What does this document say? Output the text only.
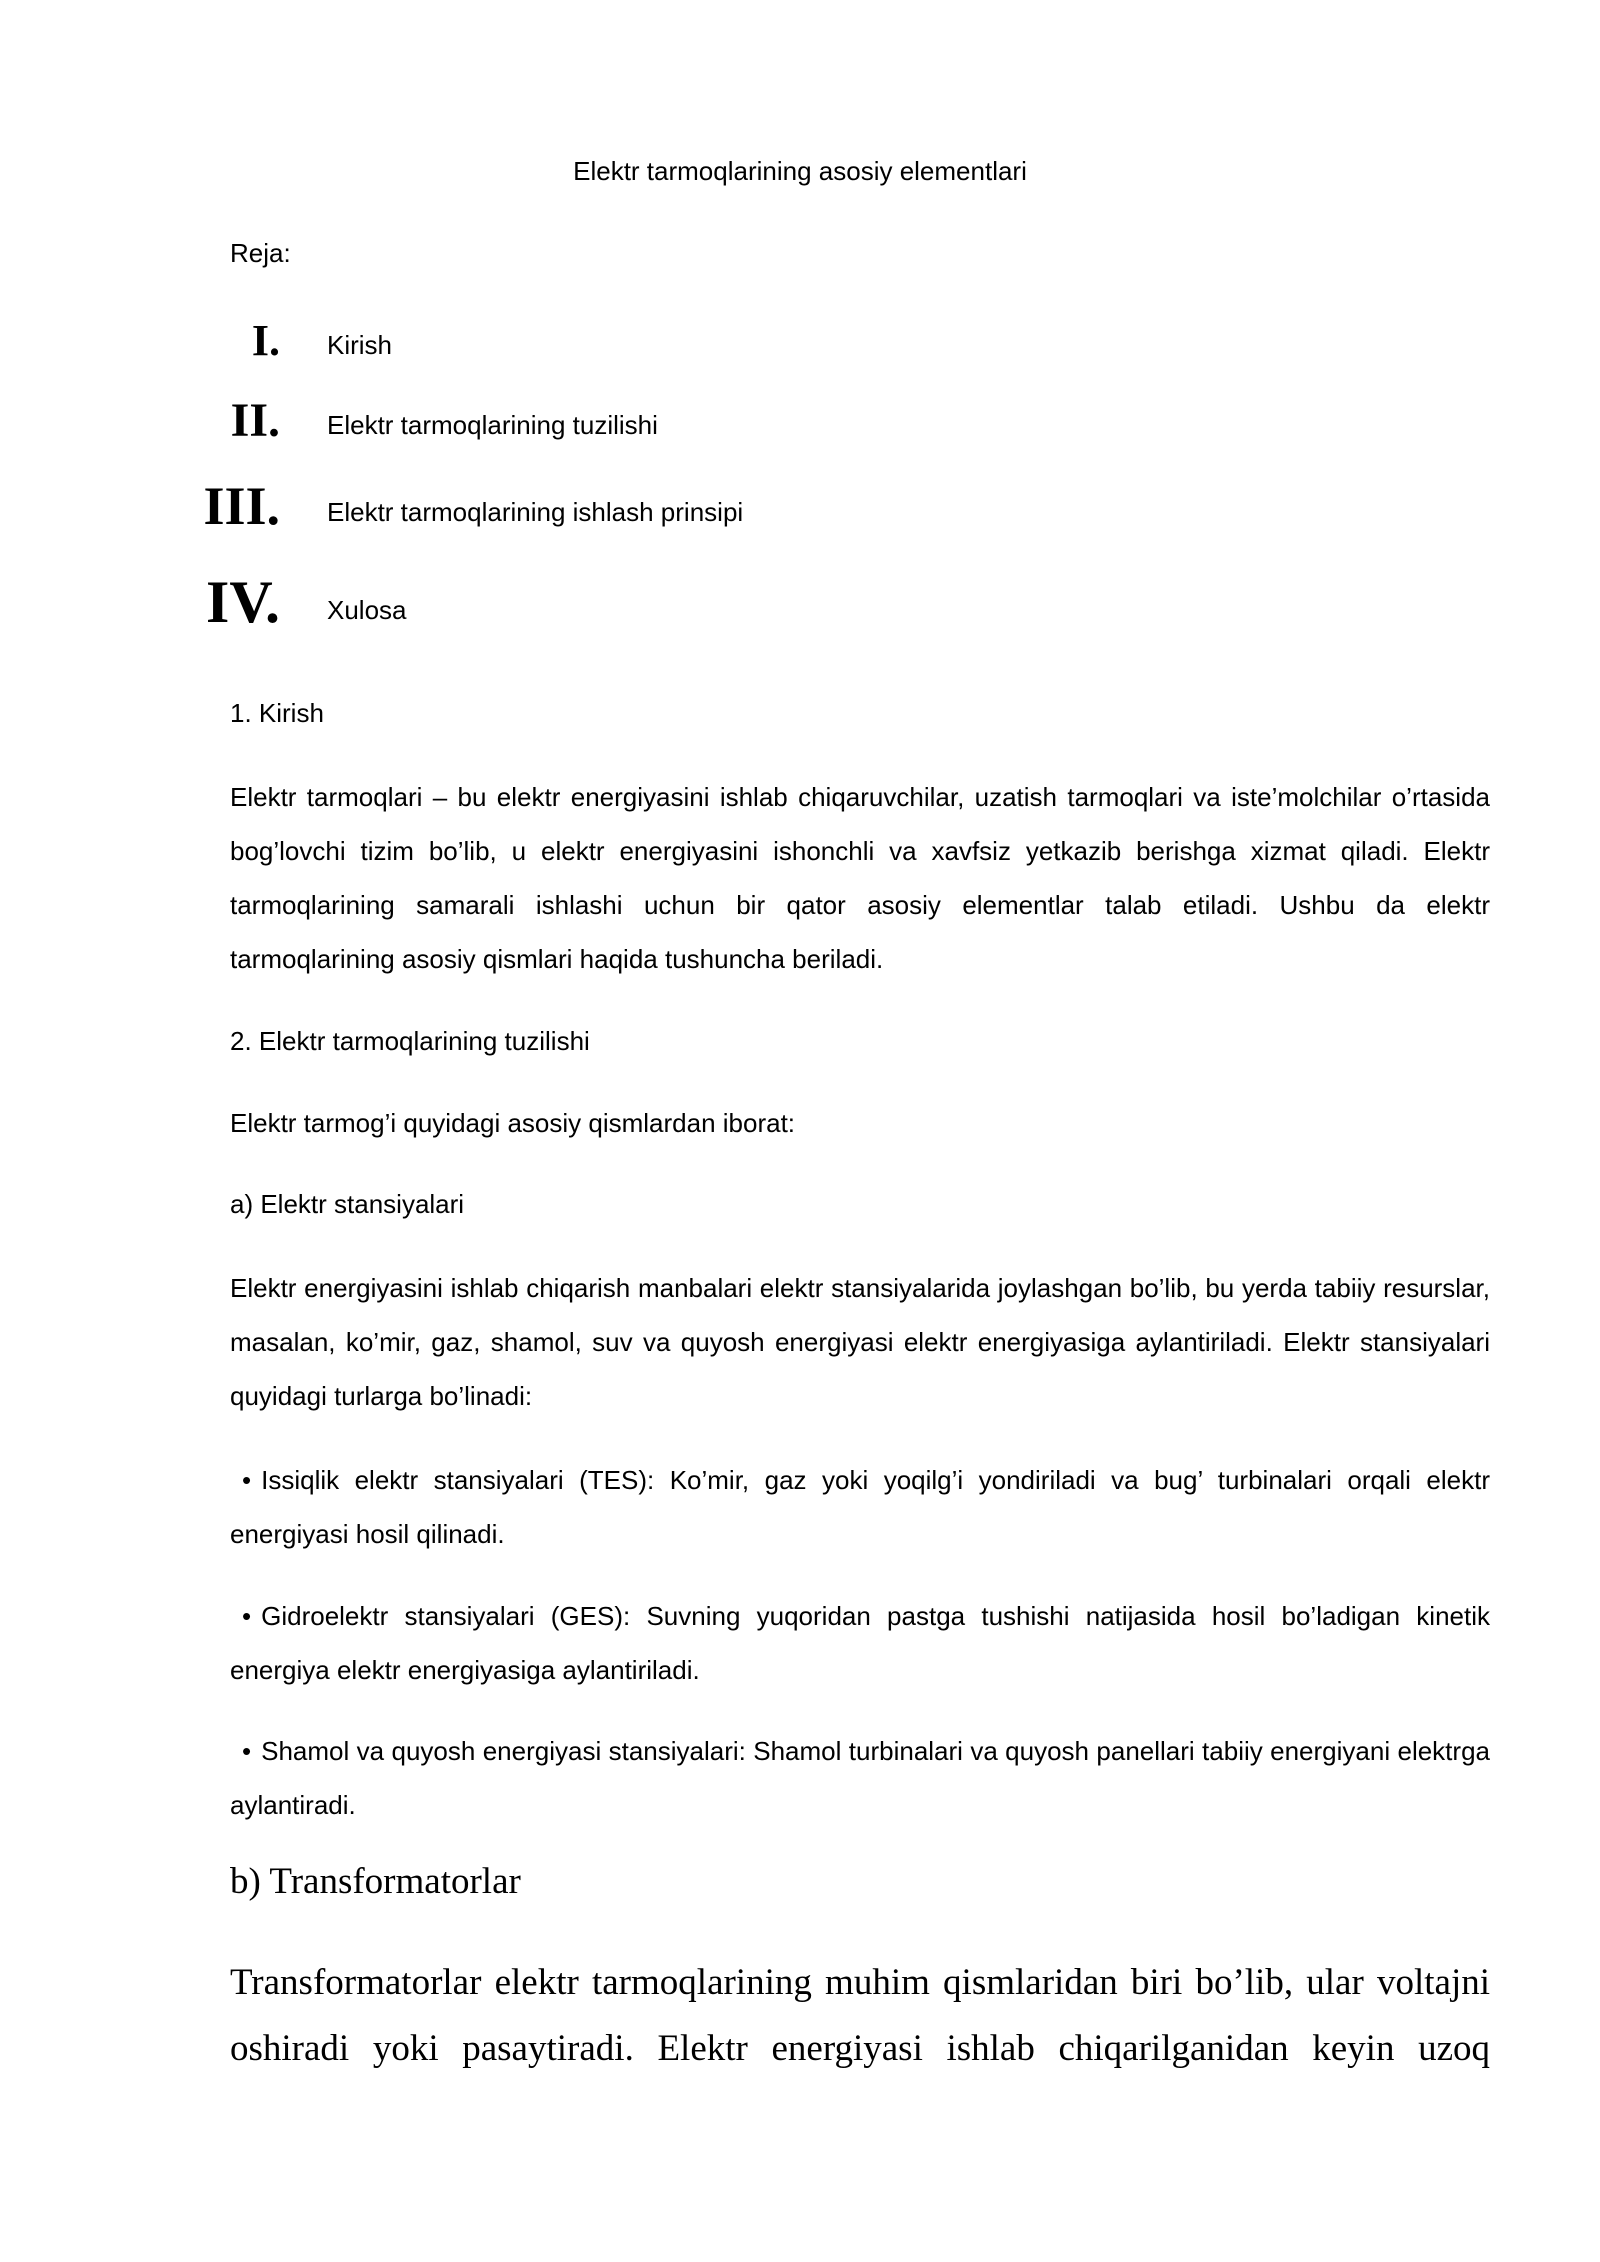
Elektr tarmoqlarining asosiy elementlari
Reja:
I. Kirish
II. Elektr tarmoqlarining tuzilishi
III. Elektr tarmoqlarining ishlash prinsipi
IV. Xulosa
1. Kirish
Elektr tarmoqlari – bu elektr energiyasini ishlab chiqaruvchilar, uzatish tarmoqlari va iste’molchilar o’rtasida bog’lovchi tizim bo’lib, u elektr energiyasini ishonchli va xavfsiz yetkazib berishga xizmat qiladi. Elektr tarmoqlarining samarali ishlashi uchun bir qator asosiy elementlar talab etiladi. Ushbu da elektr tarmoqlarining asosiy qismlari haqida tushuncha beriladi.
2. Elektr tarmoqlarining tuzilishi
Elektr tarmog’i quyidagi asosiy qismlardan iborat:
a) Elektr stansiyalari
Elektr energiyasini ishlab chiqarish manbalari elektr stansiyalarida joylashgan bo’lib, bu yerda tabiiy resurslar, masalan, ko’mir, gaz, shamol, suv va quyosh energiyasi elektr energiyasiga aylantiriladi. Elektr stansiyalari quyidagi turlarga bo’linadi:
• Issiqlik elektr stansiyalari (TES): Ko’mir, gaz yoki yoqilg’i yondiriladi va bug’ turbinalari orqali elektr energiyasi hosil qilinadi.
• Gidroelektr stansiyalari (GES): Suvning yuqoridan pastga tushishi natijasida hosil bo’ladigan kinetik energiya elektr energiyasiga aylantiriladi.
• Shamol va quyosh energiyasi stansiyalari: Shamol turbinalari va quyosh panellari tabiiy energiyani elektrga aylantiradi.
b) Transformatorlar
Transformatorlar elektr tarmoqlarining muhim qismlaridan biri bo’lib, ular voltajni oshiradi yoki pasaytiradi. Elektr energiyasi ishlab chiqarilganidan keyin uzoq
